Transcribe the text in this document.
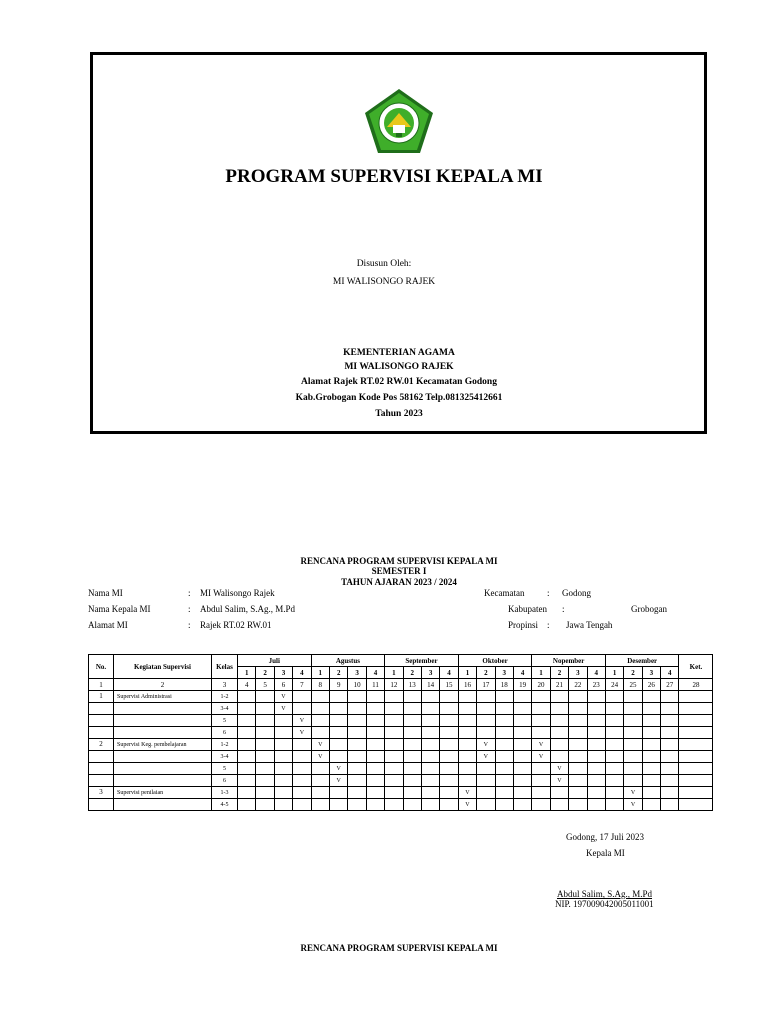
PROGRAM SUPERVISI KEPALA MI
Disusun Oleh:
MI WALISONGO RAJEK
KEMENTERIAN AGAMA
MI WALISONGO RAJEK
Alamat Rajek RT.02 RW.01 Kecamatan Godong
Kab.Grobogan Kode Pos 58162 Telp.081325412661
Tahun 2023
RENCANA PROGRAM SUPERVISI KEPALA MI
SEMESTER I
TAHUN AJARAN 2023 / 2024
Nama MI	: MI Walisongo Rajek
Nama Kepala MI	: Abdul Salim, S.Ag., M.Pd
Alamat MI	: Rajek RT.02 RW.01
Kecamatan	: Godong
Kabupaten :	Grobogan
Propinsi : Jawa Tengah
No.	Kegiatan Supervisi	Kelas	Juli				Agustus				September				Oktober				Nopember				Desember				Ket.
			1	2	3	4	1	2	3	4	1	2	3	4	1	2	3	4	1	2	3	4	1	2	3	4	
1	2	3	4	5	6	7	8	9	10	11	12	13	14	15	16	17	18	19	20	21	22	23	24	25	26	27	28
1	Supervisi Administrasi	1-2			V																						
		3-4			V																						
		5				V																					
		6				V																					
2	Supervisi Keg. pembelajaran	1-2					V									V			V								
		3-4					V									V			V								
		5						V												V							
		6						V												V							
3	Supervisi penilaian	1-3													V									V			
		4-5													V									V			
Godong, 17 Juli 2023
Kepala MI
Abdul Salim, S.Ag., M.Pd
NIP. 197009042005011001
RENCANA PROGRAM SUPERVISI KEPALA MI
